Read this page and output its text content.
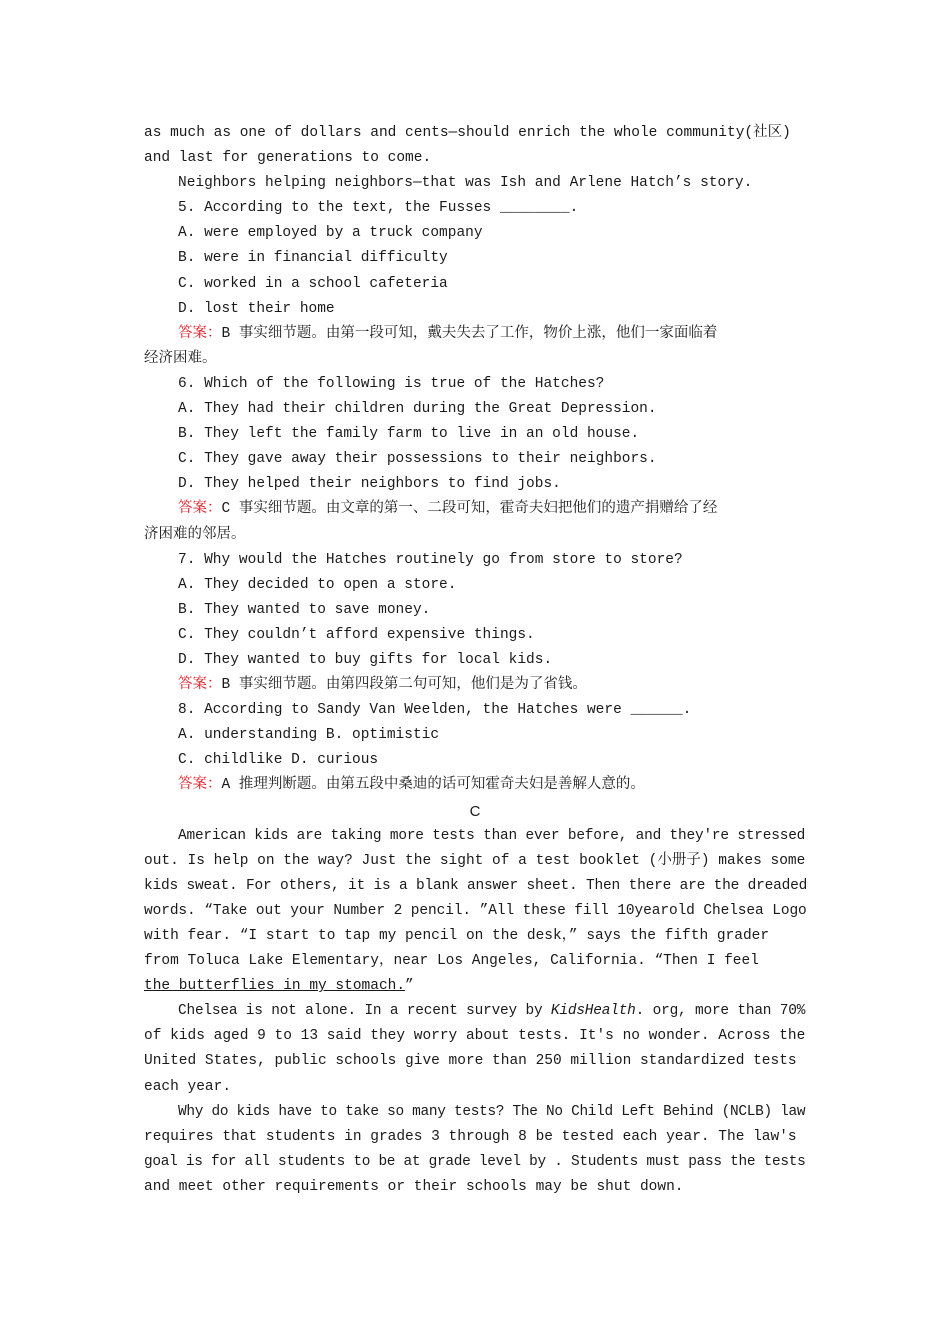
as much as one of dollars and cents—should enrich the whole community(社区)

and last for generations to come.

Neighbors helping neighbors—that was Ish and Arlene Hatch’s story.

5. According to the text, the Fusses ________.

A. were employed by a truck company

B. were in financial difficulty

C. worked in a school cafeteria

D. lost their home

答案：B 事实细节题。由第一段可知，戴夫失去了工作，物价上涨，他们一家面临着

经济困难。

6. Which of the following is true of the Hatches?

A. They had their children during the Great Depression.

B. They left the family farm to live in an old house.

C. They gave away their possessions to their neighbors.

D. They helped their neighbors to find jobs.

答案：C 事实细节题。由文章的第一、二段可知，霍奇夫妇把他们的遗产捐赠给了经

济困难的邻居。

7. Why would the Hatches routinely go from store to store?

A. They decided to open a store.

B. They wanted to save money.

C. They couldn’t afford expensive things.

D. They wanted to buy gifts for local kids.

答案：B 事实细节题。由第四段第二句可知，他们是为了省钱。

8. According to Sandy Van Weelden, the Hatches were ______.

A. understanding B. optimistic

C. childlike D. curious

答案：A 推理判断题。由第五段中桑迪的话可知霍奇夫妇是善解人意的。

C

American kids are taking more tests than ever before, and they're stressed

out. Is help on the way? Just the sight of a test booklet (小册子) makes some

kids sweat. For others, it is a blank answer sheet. Then there are the dreaded

words. “Take out your Number 2 pencil. ”All these fill 10yearold Chelsea Logo

with fear. “I start to tap my pencil on the desk，” says the fifth grader

from Toluca Lake Elementary，near Los Angeles, California. “Then I feel

the butterflies in my stomach.”

Chelsea is not alone. In a recent survey by KidsHealth. org, more than 70%

of kids aged 9 to 13 said they worry about tests. It's no wonder. Across the

United States, public schools give more than 250 million standardized tests

each year.

Why do kids have to take so many tests? The No Child Left Behind (NCLB) law

requires that students in grades 3 through 8 be tested each year. The law's

goal is for all students to be at grade level by . Students must pass the tests

and meet other requirements or their schools may be shut down.
